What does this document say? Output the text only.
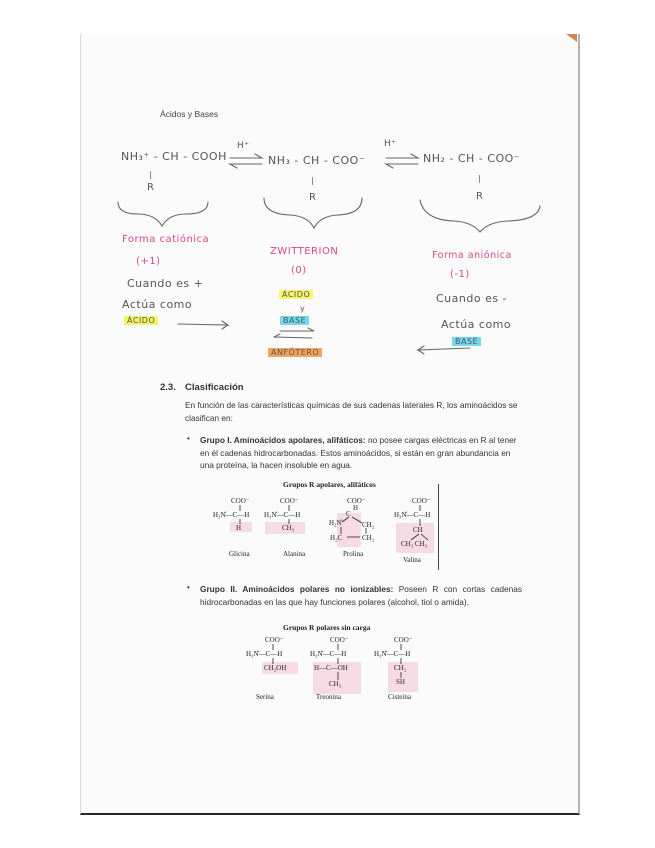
Ácidos y Bases
NH₃⁺ - CH - COOH
H⁺
NH₃ - CH - COO⁻
H⁺
NH₂ - CH - COO⁻
|
R
|
R
|
R
Forma catiónica
(+1)
Cuando es +
Actúa como
ÁCIDO
ZWITTERION
(0)
ÁCIDO
y
BASE
ANFÓTERO
Forma aniónica
(-1)
Cuando es -
Actúa como
BASE
2.3. Clasificación
En función de las características químicas de sus cadenas laterales R, los aminoácidos se clasifican en:
• Grupo I. Aminoácidos apolares, alifáticos: no posee cargas eléctricas en R al tener en él cadenas hidrocarbonadas. Estos aminoácidos, si están en gran abundancia en una proteína, la hacen insoluble en agua.
Grupos R apolares, alifáticos
COO⁻
H₃N̊—C—H
H
Glicina
COO⁻
H₃N̊—C—H
CH₃
Alanina
COO⁻
H
C
H₂N̊	CH₂
H₂C	CH₂
Prolina
COO⁻
H₃N̊—C—H
CH
CH₃ CH₃
Valina
• Grupo II. Aminoácidos polares no ionizables: Poseen R con cortas cadenas hidrocarbonadas en las que hay funciones polares (alcohol, tiol o amida).
Grupos R polares sin carga
COO⁻
H₃N̊—C—H
CH₂OH
Serina
COO⁻
H₃N̊—C—H
H—C—OH
CH₃
Treonina
COO⁻
H₃N̊—C—H
CH₂
SH
Cisteína
